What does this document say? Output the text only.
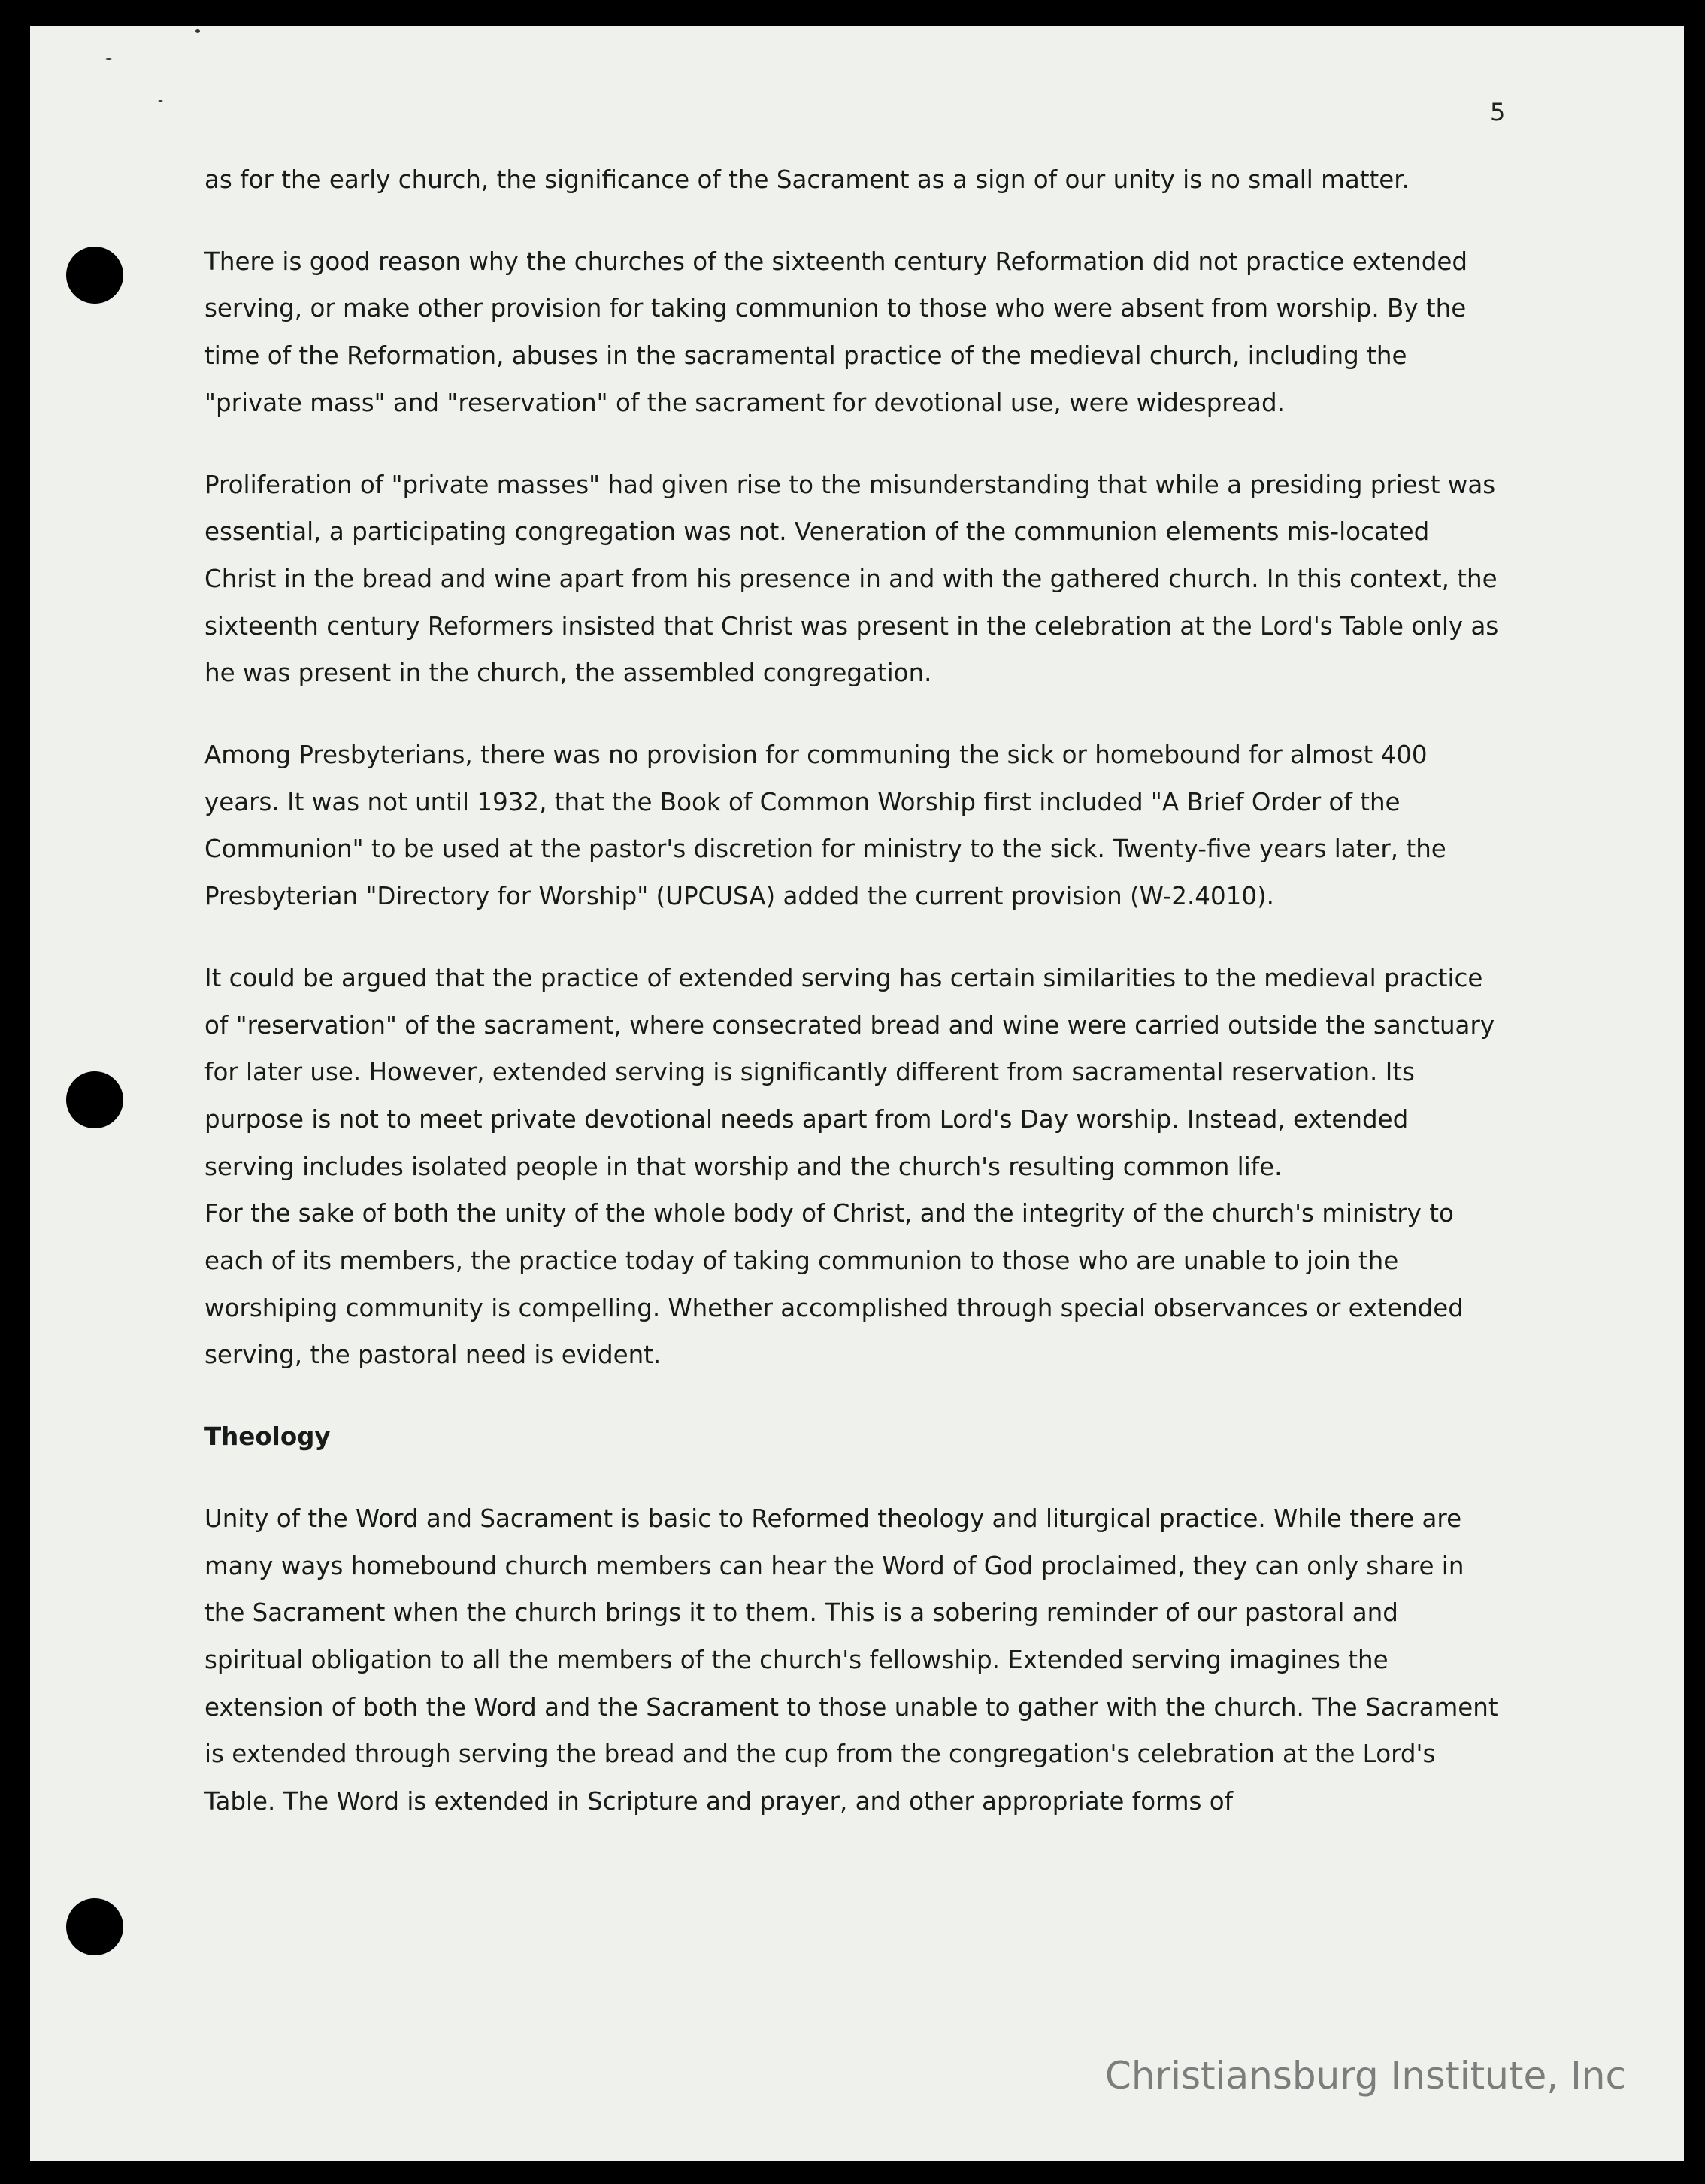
5

as for the early church, the significance of the Sacrament as a sign of our unity is no small matter.

There is good reason why the churches of the sixteenth century Reformation did not practice extended serving, or make other provision for taking communion to those who were absent from worship. By the time of the Reformation, abuses in the sacramental practice of the medieval church, including the "private mass" and "reservation" of the sacrament for devotional use, were widespread.

Proliferation of "private masses" had given rise to the misunderstanding that while a presiding priest was essential, a participating congregation was not. Veneration of the communion elements mis-located Christ in the bread and wine apart from his presence in and with the gathered church. In this context, the sixteenth century Reformers insisted that Christ was present in the celebration at the Lord's Table only as he was present in the church, the assembled congregation.

Among Presbyterians, there was no provision for communing the sick or homebound for almost 400 years. It was not until 1932, that the Book of Common Worship first included "A Brief Order of the Communion" to be used at the pastor's discretion for ministry to the sick. Twenty-five years later, the Presbyterian "Directory for Worship" (UPCUSA) added the current provision (W-2.4010).

It could be argued that the practice of extended serving has certain similarities to the medieval practice of "reservation" of the sacrament, where consecrated bread and wine were carried outside the sanctuary for later use. However, extended serving is significantly different from sacramental reservation. Its purpose is not to meet private devotional needs apart from Lord's Day worship. Instead, extended serving includes isolated people in that worship and the church's resulting common life.

For the sake of both the unity of the whole body of Christ, and the integrity of the church's ministry to each of its members, the practice today of taking communion to those who are unable to join the worshiping community is compelling. Whether accomplished through special observances or extended serving, the pastoral need is evident.

Theology

Unity of the Word and Sacrament is basic to Reformed theology and liturgical practice. While there are many ways homebound church members can hear the Word of God proclaimed, they can only share in the Sacrament when the church brings it to them. This is a sobering reminder of our pastoral and spiritual obligation to all the members of the church's fellowship. Extended serving imagines the extension of both the Word and the Sacrament to those unable to gather with the church. The Sacrament is extended through serving the bread and the cup from the congregation's celebration at the Lord's Table. The Word is extended in Scripture and prayer, and other appropriate forms of

Christiansburg Institute, Inc
